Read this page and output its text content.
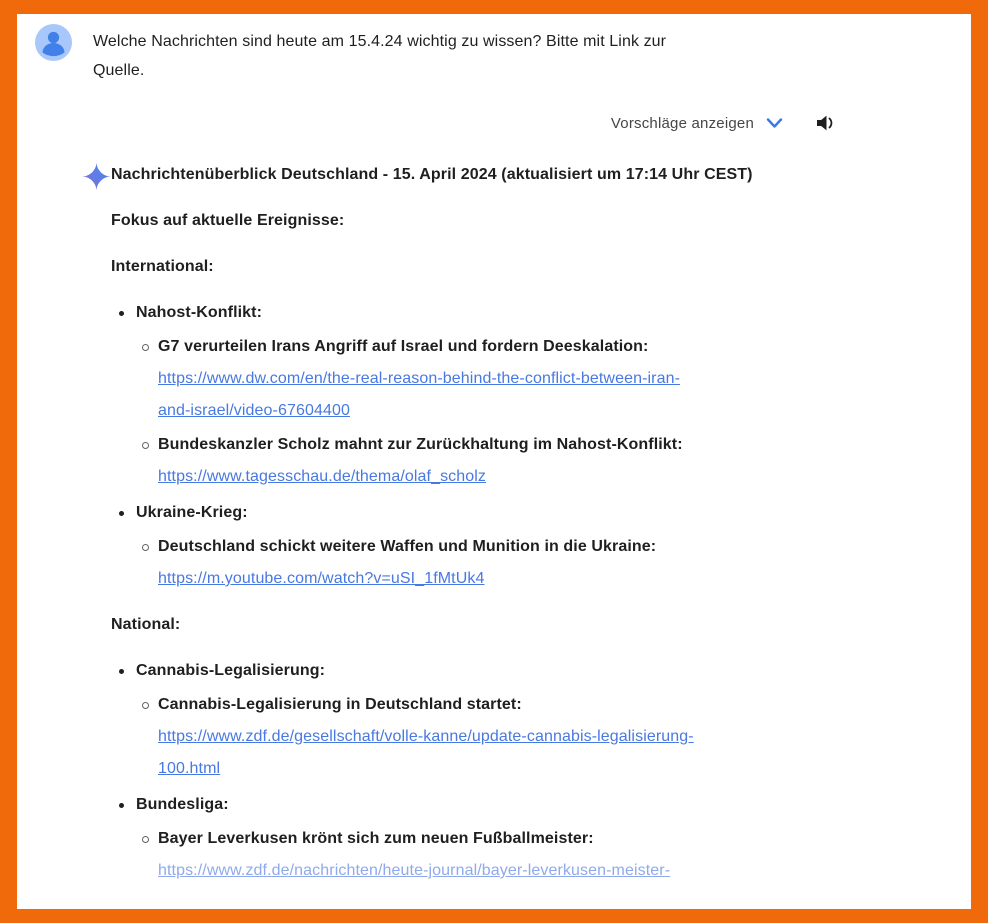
Welche Nachrichten sind heute am 15.4.24 wichtig zu wissen? Bitte mit Link zur Quelle.
Vorschläge anzeigen
Nachrichtenüberblick Deutschland - 15. April 2024 (aktualisiert um 17:14 Uhr CEST)
Fokus auf aktuelle Ereignisse:
International:
Nahost-Konflikt:
G7 verurteilen Irans Angriff auf Israel und fordern Deeskalation:
https://www.dw.com/en/the-real-reason-behind-the-conflict-between-iran-and-israel/video-67604400
Bundeskanzler Scholz mahnt zur Zurückhaltung im Nahost-Konflikt:
https://www.tagesschau.de/thema/olaf_scholz
Ukraine-Krieg:
Deutschland schickt weitere Waffen und Munition in die Ukraine:
https://m.youtube.com/watch?v=uSI_1fMtUk4
National:
Cannabis-Legalisierung:
Cannabis-Legalisierung in Deutschland startet:
https://www.zdf.de/gesellschaft/volle-kanne/update-cannabis-legalisierung-100.html
Bundesliga:
Bayer Leverkusen krönt sich zum neuen Fußballmeister:
https://www.zdf.de/nachrichten/heute-journal/bayer-leverkusen-meister-
